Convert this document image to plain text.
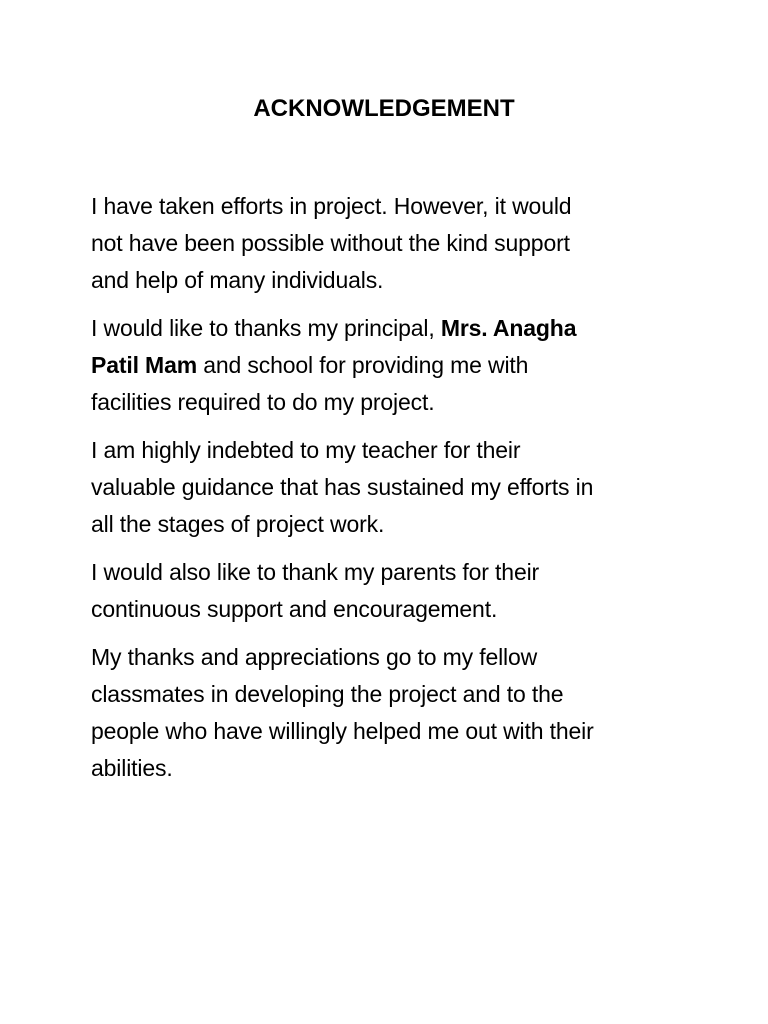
ACKNOWLEDGEMENT

I have taken efforts in project. However, it would
not have been possible without the kind support
and help of many individuals.

I would like to thanks my principal, Mrs. Anagha
Patil Mam and school for providing me with
facilities required to do my project.

I am highly indebted to my teacher for their
valuable guidance that has sustained my efforts in
all the stages of project work.

I would also like to thank my parents for their
continuous support and encouragement.

My thanks and appreciations go to my fellow
classmates in developing the project and to the
people who have willingly helped me out with their
abilities.
